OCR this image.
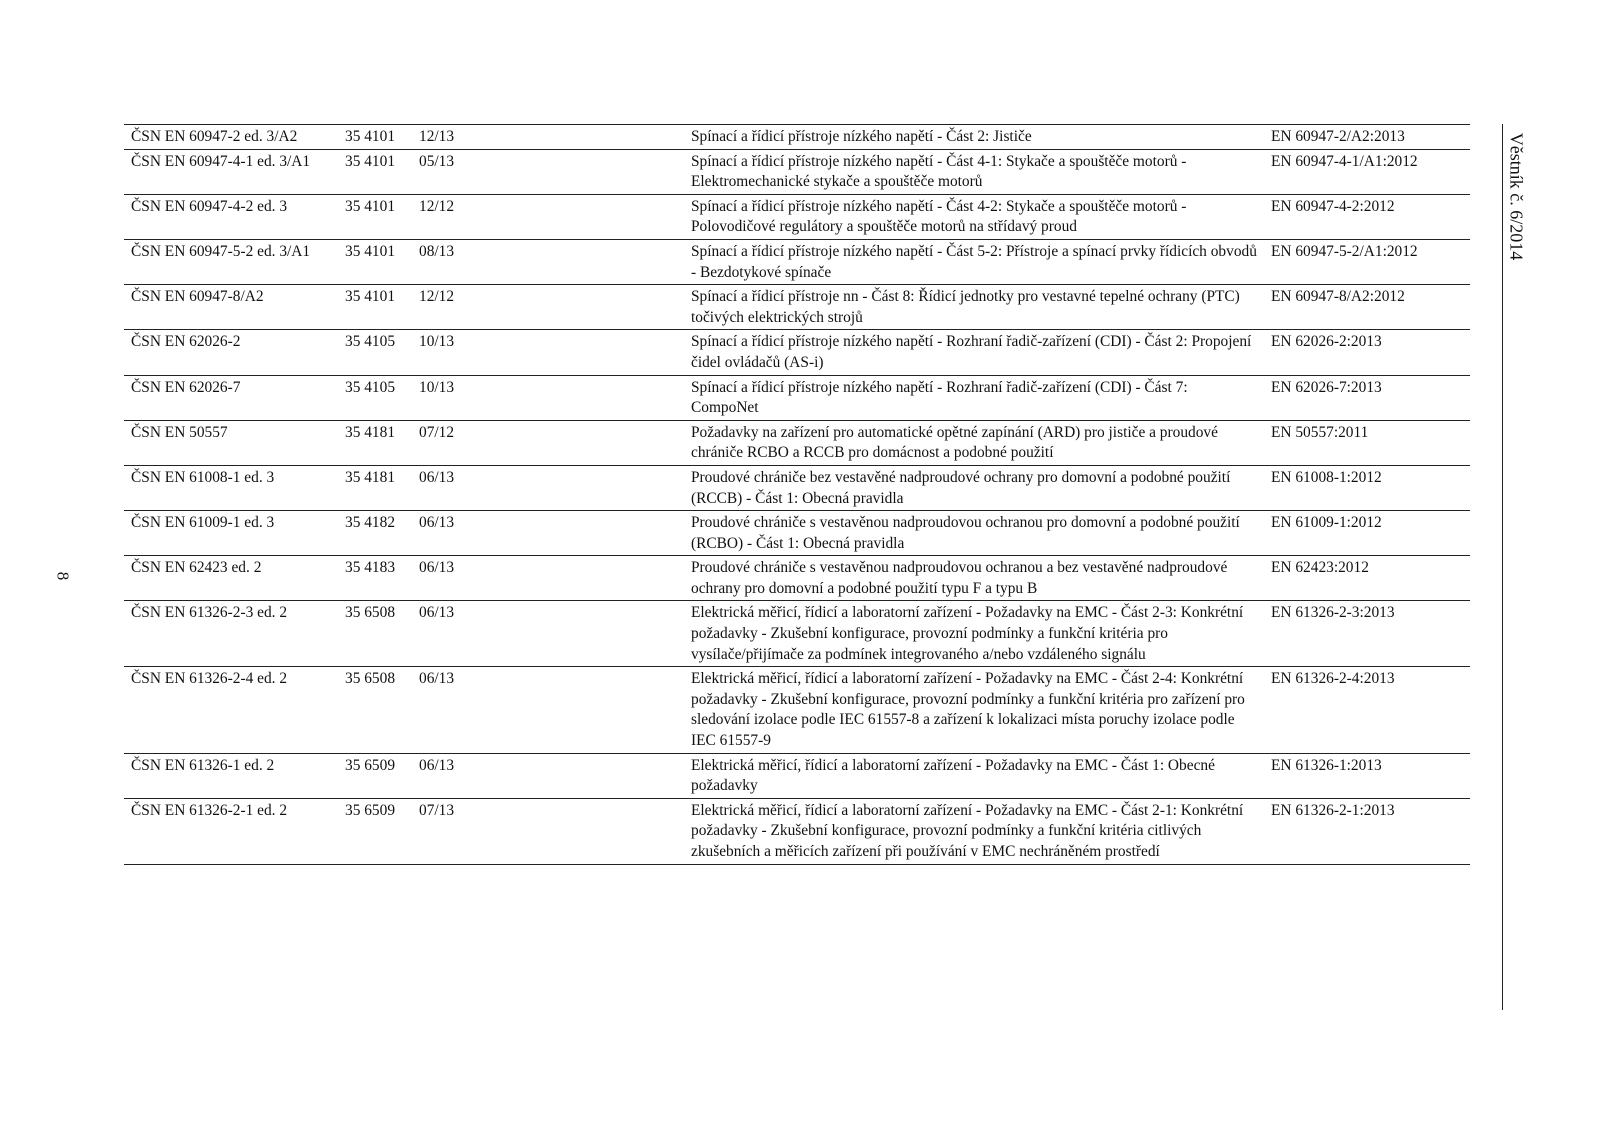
8
Věstník č. 6/2014
ČSN EN 60947-2 ed. 3/A2	35 4101	12/13	Spínací a řídicí přístroje nízkého napětí - Část 2: Jističe	EN 60947-2/A2:2013
ČSN EN 60947-4-1 ed. 3/A1	35 4101	05/13	Spínací a řídicí přístroje nízkého napětí - Část 4-1: Stykače a spouštěče motorů - Elektromechanické stykače a spouštěče motorů	EN 60947-4-1/A1:2012
ČSN EN 60947-4-2 ed. 3	35 4101	12/12	Spínací a řídicí přístroje nízkého napětí - Část 4-2: Stykače a spouštěče motorů - Polovodičové regulátory a spouštěče motorů na střídavý proud	EN 60947-4-2:2012
ČSN EN 60947-5-2 ed. 3/A1	35 4101	08/13	Spínací a řídicí přístroje nízkého napětí - Část 5-2: Přístroje a spínací prvky řídicích obvodů - Bezdotykové spínače	EN 60947-5-2/A1:2012
ČSN EN 60947-8/A2	35 4101	12/12	Spínací a řídicí přístroje nn - Část 8: Řídicí jednotky pro vestavné tepelné ochrany (PTC) točivých elektrických strojů	EN 60947-8/A2:2012
ČSN EN 62026-2	35 4105	10/13	Spínací a řídicí přístroje nízkého napětí - Rozhraní řadič-zařízení (CDI) - Část 2: Propojení čidel ovládačů (AS-i)	EN 62026-2:2013
ČSN EN 62026-7	35 4105	10/13	Spínací a řídicí přístroje nízkého napětí - Rozhraní řadič-zařízení (CDI) - Část 7: CompoNet	EN 62026-7:2013
ČSN EN 50557	35 4181	07/12	Požadavky na zařízení pro automatické opětné zapínání (ARD) pro jističe a proudové chrániče RCBO a RCCB pro domácnost a podobné použití	EN 50557:2011
ČSN EN 61008-1 ed. 3	35 4181	06/13	Proudové chrániče bez vestavěné nadproudové ochrany pro domovní a podobné použití (RCCB) - Část 1: Obecná pravidla	EN 61008-1:2012
ČSN EN 61009-1 ed. 3	35 4182	06/13	Proudové chrániče s vestavěnou nadproudovou ochranou pro domovní a podobné použití (RCBO) - Část 1: Obecná pravidla	EN 61009-1:2012
ČSN EN 62423 ed. 2	35 4183	06/13	Proudové chrániče s vestavěnou nadproudovou ochranou a bez vestavěné nadproudové ochrany pro domovní a podobné použití typu F a typu B	EN 62423:2012
ČSN EN 61326-2-3 ed. 2	35 6508	06/13	Elektrická měřicí, řídicí a laboratorní zařízení - Požadavky na EMC - Část 2-3: Konkrétní požadavky - Zkušební konfigurace, provozní podmínky a funkční kritéria pro vysílače/přijímače za podmínek integrovaného a/nebo vzdáleného signálu	EN 61326-2-3:2013
ČSN EN 61326-2-4 ed. 2	35 6508	06/13	Elektrická měřicí, řídicí a laboratorní zařízení - Požadavky na EMC - Část 2-4: Konkrétní požadavky - Zkušební konfigurace, provozní podmínky a funkční kritéria pro zařízení pro sledování izolace podle IEC 61557-8 a zařízení k lokalizaci místa poruchy izolace podle IEC 61557-9	EN 61326-2-4:2013
ČSN EN 61326-1 ed. 2	35 6509	06/13	Elektrická měřicí, řídicí a laboratorní zařízení - Požadavky na EMC - Část 1: Obecné požadavky	EN 61326-1:2013
ČSN EN 61326-2-1 ed. 2	35 6509	07/13	Elektrická měřicí, řídicí a laboratorní zařízení - Požadavky na EMC - Část 2-1: Konkrétní požadavky - Zkušební konfigurace, provozní podmínky a funkční kritéria citlivých zkušebních a měřicích zařízení při používání v EMC nechráněném prostředí	EN 61326-2-1:2013
